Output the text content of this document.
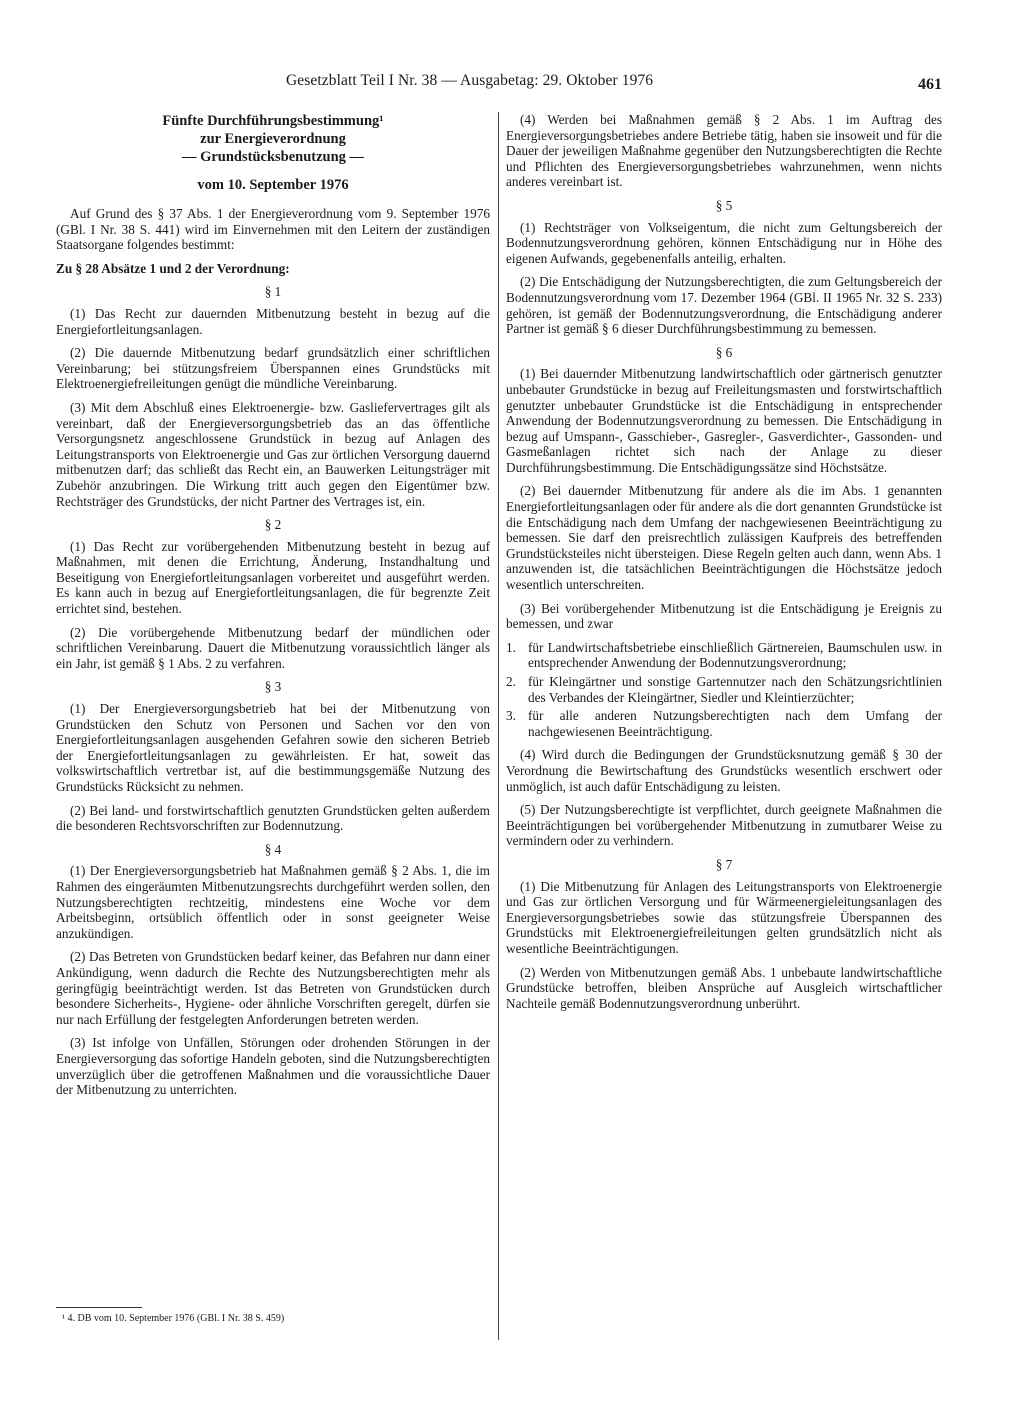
Gesetzblatt Teil I Nr. 38 — Ausgabetag: 29. Oktober 1976	461
Fünfte Durchführungsbestimmung¹
zur Energieverordnung
— Grundstücksbenutzung —
vom 10. September 1976

Auf Grund des § 37 Abs. 1 der Energieverordnung vom 9. September 1976 (GBl. I Nr. 38 S. 441) wird im Einvernehmen mit den Leitern der zuständigen Staatsorgane folgendes bestimmt:

Zu § 28 Absätze 1 und 2 der Verordnung:
§ 1

(1) Das Recht zur dauernden Mitbenutzung besteht in bezug auf die Energiefortleitungsanlagen.

(2) Die dauernde Mitbenutzung bedarf grundsätzlich einer schriftlichen Vereinbarung; bei stützungsfreiem Überspannen eines Grundstücks mit Elektroenergiefreileitungen genügt die mündliche Vereinbarung.

(3) Mit dem Abschluß eines Elektroenergie- bzw. Gasliefervertrages gilt als vereinbart, daß der Energieversorgungsbetrieb das an das öffentliche Versorgungsnetz angeschlossene Grundstück in bezug auf Anlagen des Leitungstransports von Elektroenergie und Gas zur örtlichen Versorgung dauernd mitbenutzen darf; das schließt das Recht ein, an Bauwerken Leitungsträger mit Zubehör anzubringen. Die Wirkung tritt auch gegen den Eigentümer bzw. Rechtsträger des Grundstücks, der nicht Partner des Vertrages ist, ein.

§ 2

(1) Das Recht zur vorübergehenden Mitbenutzung besteht in bezug auf Maßnahmen, mit denen die Errichtung, Änderung, Instandhaltung und Beseitigung von Energiefortleitungsanlagen vorbereitet und ausgeführt werden. Es kann auch in bezug auf Energiefortleitungsanlagen, die für begrenzte Zeit errichtet sind, bestehen.

(2) Die vorübergehende Mitbenutzung bedarf der mündlichen oder schriftlichen Vereinbarung. Dauert die Mitbenutzung voraussichtlich länger als ein Jahr, ist gemäß § 1 Abs. 2 zu verfahren.

§ 3

(1) Der Energieversorgungsbetrieb hat bei der Mitbenutzung von Grundstücken den Schutz von Personen und Sachen vor den von Energiefortleitungsanlagen ausgehenden Gefahren sowie den sicheren Betrieb der Energiefortleitungsanlagen zu gewährleisten. Er hat, soweit das volkswirtschaftlich vertretbar ist, auf die bestimmungsgemäße Nutzung des Grundstücks Rücksicht zu nehmen.

(2) Bei land- und forstwirtschaftlich genutzten Grundstücken gelten außerdem die besonderen Rechtsvorschriften zur Bodennutzung.

§ 4

(1) Der Energieversorgungsbetrieb hat Maßnahmen gemäß § 2 Abs. 1, die im Rahmen des eingeräumten Mitbenutzungsrechts durchgeführt werden sollen, den Nutzungsberechtigten rechtzeitig, mindestens eine Woche vor dem Arbeitsbeginn, ortsüblich öffentlich oder in sonst geeigneter Weise anzukündigen.

(2) Das Betreten von Grundstücken bedarf keiner, das Befahren nur dann einer Ankündigung, wenn dadurch die Rechte des Nutzungsberechtigten mehr als geringfügig beeinträchtigt werden. Ist das Betreten von Grundstücken durch besondere Sicherheits-, Hygiene- oder ähnliche Vorschriften geregelt, dürfen sie nur nach Erfüllung der festgelegten Anforderungen betreten werden.

(3) Ist infolge von Unfällen, Störungen oder drohenden Störungen in der Energieversorgung das sofortige Handeln geboten, sind die Nutzungsberechtigten unverzüglich über die getroffenen Maßnahmen und die voraussichtliche Dauer der Mitbenutzung zu unterrichten.

(4) Werden bei Maßnahmen gemäß § 2 Abs. 1 im Auftrag des Energieversorgungsbetriebes andere Betriebe tätig, haben sie insoweit und für die Dauer der jeweiligen Maßnahme gegenüber den Nutzungsberechtigten die Rechte und Pflichten des Energieversorgungsbetriebes wahrzunehmen, wenn nichts anderes vereinbart ist.

§ 5

(1) Rechtsträger von Volkseigentum, die nicht zum Geltungsbereich der Bodennutzungsverordnung gehören, können Entschädigung nur in Höhe des eigenen Aufwands, gegebenenfalls anteilig, erhalten.

(2) Die Entschädigung der Nutzungsberechtigten, die zum Geltungsbereich der Bodennutzungsverordnung vom 17. Dezember 1964 (GBl. II 1965 Nr. 32 S. 233) gehören, ist gemäß der Bodennutzungsverordnung, die Entschädigung anderer Partner ist gemäß § 6 dieser Durchführungsbestimmung zu bemessen.

§ 6

(1) Bei dauernder Mitbenutzung landwirtschaftlich oder gärtnerisch genutzter unbebauter Grundstücke in bezug auf Freileitungsmasten und forstwirtschaftlich genutzter unbebauter Grundstücke ist die Entschädigung in entsprechender Anwendung der Bodennutzungsverordnung zu bemessen. Die Entschädigung in bezug auf Umspann-, Gasschieber-, Gasregler-, Gasverdichter-, Gassonden- und Gasmeßanlagen richtet sich nach der Anlage zu dieser Durchführungsbestimmung. Die Entschädigungssätze sind Höchstsätze.

(2) Bei dauernder Mitbenutzung für andere als die im Abs. 1 genannten Energiefortleitungsanlagen oder für andere als die dort genannten Grundstücke ist die Entschädigung nach dem Umfang der nachgewiesenen Beeinträchtigung zu bemessen. Sie darf den preisrechtlich zulässigen Kaufpreis des betreffenden Grundstücksteiles nicht übersteigen. Diese Regeln gelten auch dann, wenn Abs. 1 anzuwenden ist, die tatsächlichen Beeinträchtigungen die Höchstsätze jedoch wesentlich unterschreiten.

(3) Bei vorübergehender Mitbenutzung ist die Entschädigung je Ereignis zu bemessen, und zwar

1. für Landwirtschaftsbetriebe einschließlich Gärtnereien, Baumschulen usw. in entsprechender Anwendung der Bodennutzungsverordnung;
2. für Kleingärtner und sonstige Gartennutzer nach den Schätzungsrichtlinien des Verbandes der Kleingärtner, Siedler und Kleintierzüchter;
3. für alle anderen Nutzungsberechtigten nach dem Umfang der nachgewiesenen Beeinträchtigung.

(4) Wird durch die Bedingungen der Grundstücksnutzung gemäß § 30 der Verordnung die Bewirtschaftung des Grundstücks wesentlich erschwert oder unmöglich, ist auch dafür Entschädigung zu leisten.

(5) Der Nutzungsberechtigte ist verpflichtet, durch geeignete Maßnahmen die Beeinträchtigungen bei vorübergehender Mitbenutzung in zumutbarer Weise zu vermindern oder zu verhindern.

§ 7

(1) Die Mitbenutzung für Anlagen des Leitungstransports von Elektroenergie und Gas zur örtlichen Versorgung und für Wärmeenergieleitungsanlagen des Energieversorgungsbetriebes sowie das stützungsfreie Überspannen des Grundstücks mit Elektroenergiefreileitungen gelten grundsätzlich nicht als wesentliche Beeinträchtigungen.

(2) Werden von Mitbenutzungen gemäß Abs. 1 unbebaute landwirtschaftliche Grundstücke betroffen, bleiben Ansprüche auf Ausgleich wirtschaftlicher Nachteile gemäß Bodennutzungsverordnung unberührt.

¹ 4. DB vom 10. September 1976 (GBl. I Nr. 38 S. 459)
